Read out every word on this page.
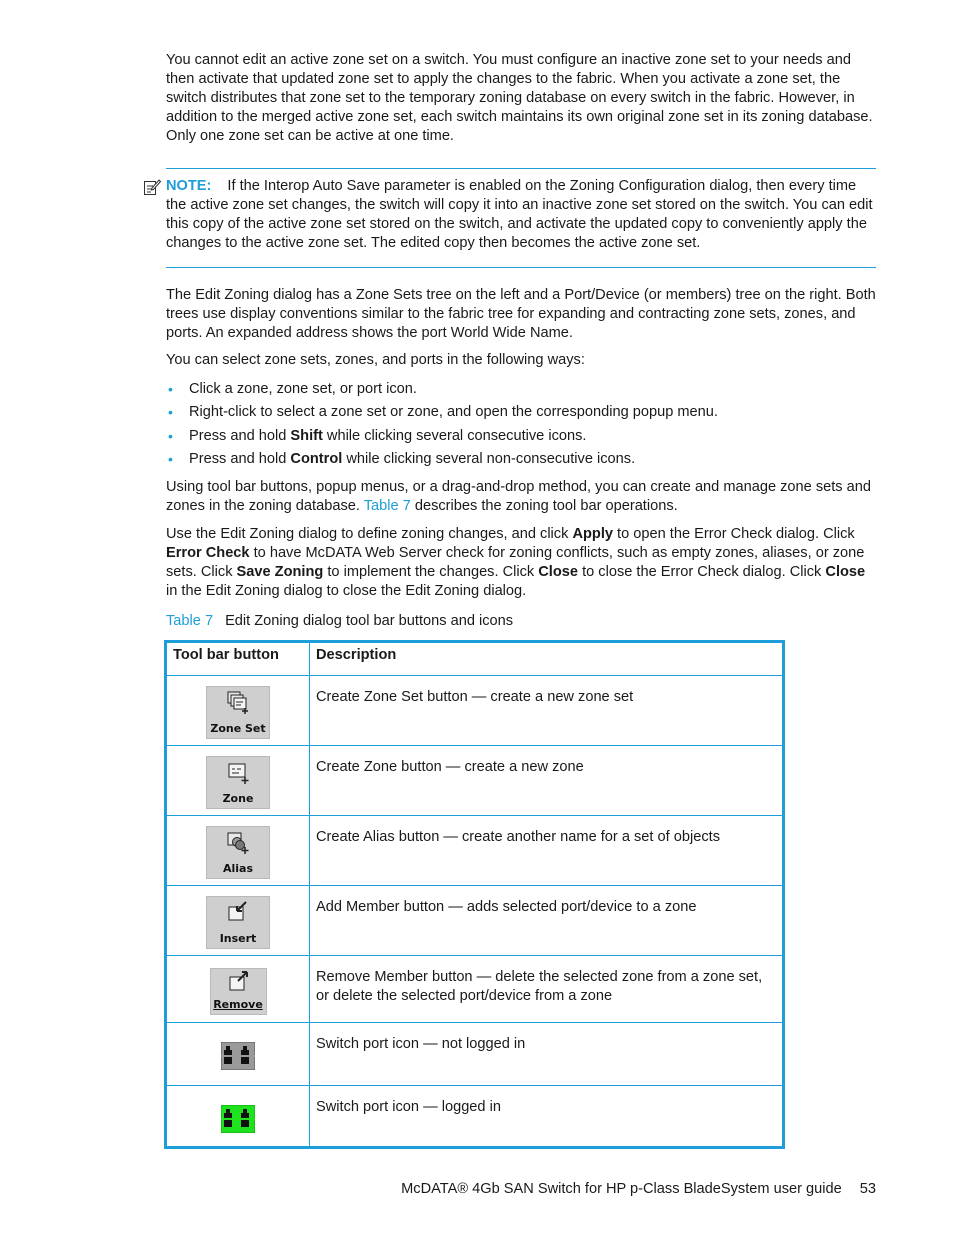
You cannot edit an active zone set on a switch. You must configure an inactive zone set to your needs and then activate that updated zone set to apply the changes to the fabric. When you activate a zone set, the switch distributes that zone set to the temporary zoning database on every switch in the fabric. However, in addition to the merged active zone set, each switch maintains its own original zone set in its zoning database. Only one zone set can be active at one time.

NOTE: If the Interop Auto Save parameter is enabled on the Zoning Configuration dialog, then every time the active zone set changes, the switch will copy it into an inactive zone set stored on the switch. You can edit this copy of the active zone set stored on the switch, and activate the updated copy to conveniently apply the changes to the active zone set. The edited copy then becomes the active zone set.

The Edit Zoning dialog has a Zone Sets tree on the left and a Port/Device (or members) tree on the right. Both trees use display conventions similar to the fabric tree for expanding and contracting zone sets, zones, and ports. An expanded address shows the port World Wide Name.

You can select zone sets, zones, and ports in the following ways:

• Click a zone, zone set, or port icon.
• Right-click to select a zone set or zone, and open the corresponding popup menu.
• Press and hold Shift while clicking several consecutive icons.
• Press and hold Control while clicking several non-consecutive icons.

Using tool bar buttons, popup menus, or a drag-and-drop method, you can create and manage zone sets and zones in the zoning database. Table 7 describes the zoning tool bar operations.

Use the Edit Zoning dialog to define zoning changes, and click Apply to open the Error Check dialog. Click Error Check to have McDATA Web Server check for zoning conflicts, such as empty zones, aliases, or zone sets. Click Save Zoning to implement the changes. Click Close to close the Error Check dialog. Click Close in the Edit Zoning dialog to close the Edit Zoning dialog.

Table 7 Edit Zoning dialog tool bar buttons and icons

Tool bar button	Description

Zone Set	Create Zone Set button — create a new zone set

Zone	Create Zone button — create a new zone

Alias	Create Alias button — create another name for a set of objects

Insert	Add Member button — adds selected port/device to a zone

Remove	Remove Member button — delete the selected zone from a zone set, or delete the selected port/device from a zone
	Switch port icon — not logged in
	Switch port icon — logged in
McDATA® 4Gb SAN Switch for HP p-Class BladeSystem user guide 53
